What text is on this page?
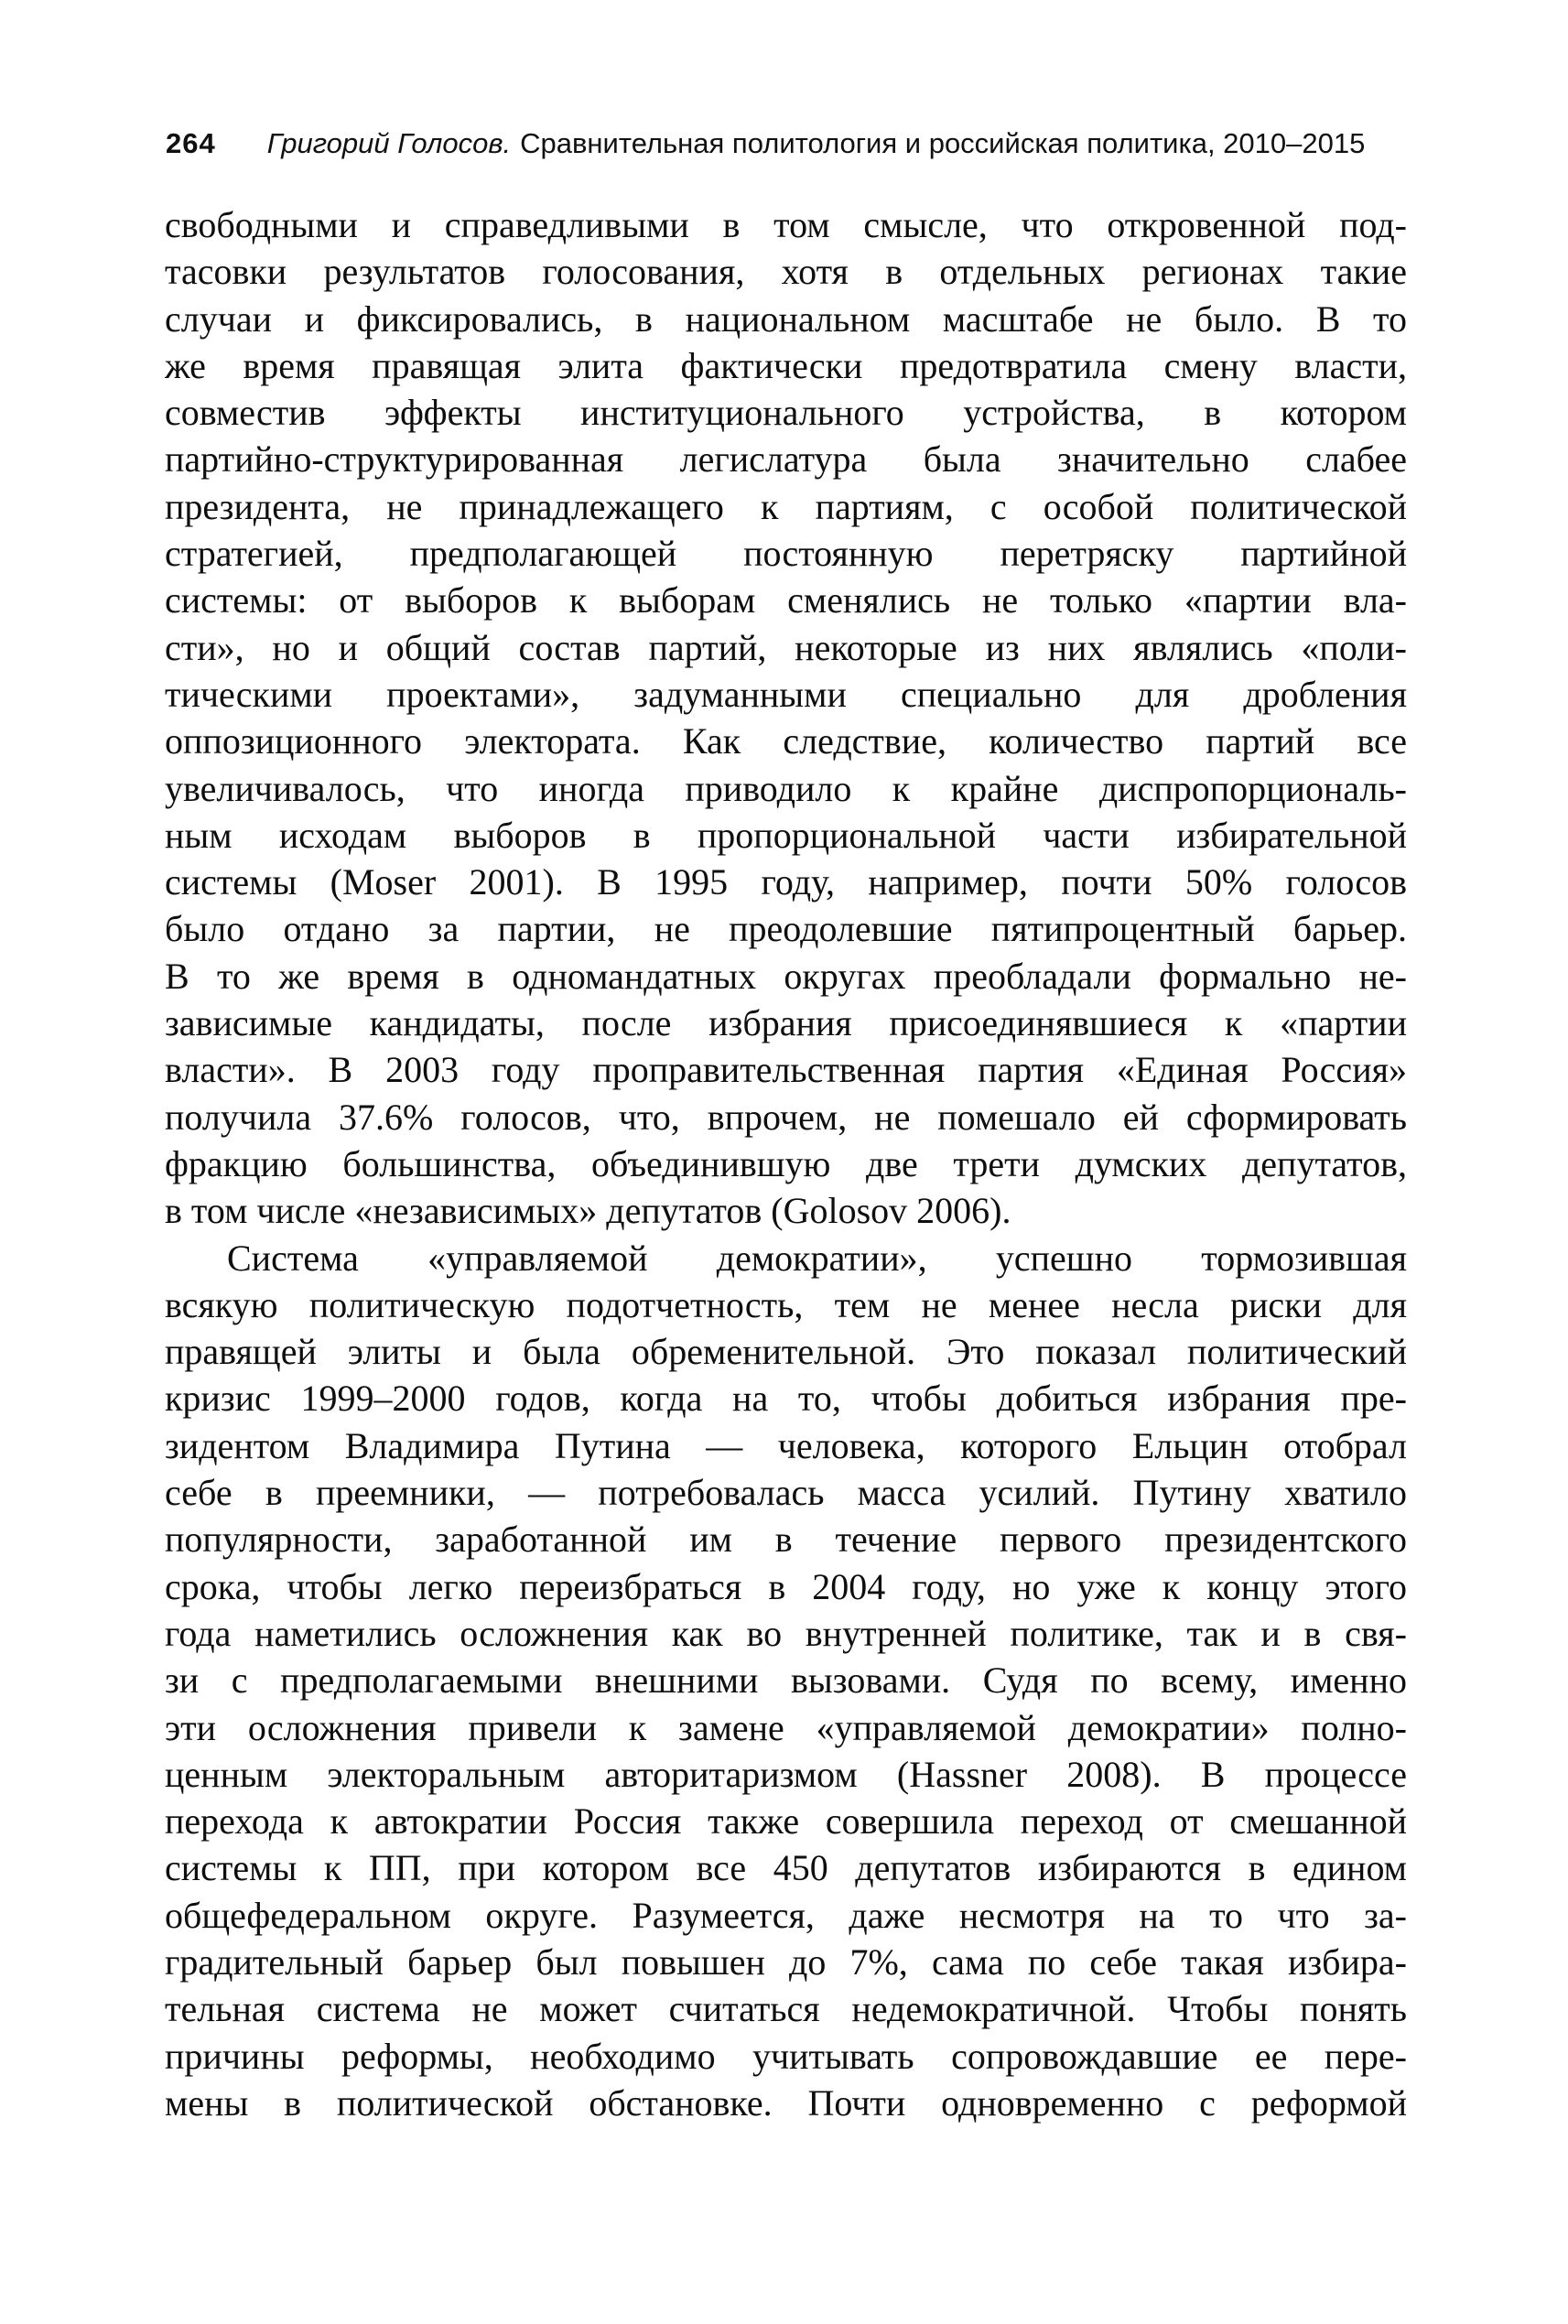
264 Григорий Голосов. Сравнительная политология и российская политика, 2010–2015
свободными и справедливыми в том смысле, что откровенной под-
тасовки результатов голосования, хотя в отдельных регионах такие
случаи и фиксировались, в национальном масштабе не было. В то
же время правящая элита фактически предотвратила смену власти,
совместив эффекты институционального устройства, в котором
партийно-структурированная легислатура была значительно слабее
президента, не принадлежащего к партиям, с особой политической
стратегией, предполагающей постоянную перетряску партийной
системы: от выборов к выборам сменялись не только «партии вла-
сти», но и общий состав партий, некоторые из них являлись «поли-
тическими проектами», задуманными специально для дробления
оппозиционного электората. Как следствие, количество партий все
увеличивалось, что иногда приводило к крайне диспропорциональ-
ным исходам выборов в пропорциональной части избирательной
системы (Moser 2001). В 1995 году, например, почти 50% голосов
было отдано за партии, не преодолевшие пятипроцентный барьер.
В то же время в одномандатных округах преобладали формально не-
зависимые кандидаты, после избрания присоединявшиеся к «партии
власти». В 2003 году проправительственная партия «Единая Россия»
получила 37.6% голосов, что, впрочем, не помешало ей сформировать
фракцию большинства, объединившую две трети думских депутатов,
в том числе «независимых» депутатов (Golosov 2006).
Система «управляемой демократии», успешно тормозившая
всякую политическую подотчетность, тем не менее несла риски для
правящей элиты и была обременительной. Это показал политический
кризис 1999–2000 годов, когда на то, чтобы добиться избрания пре-
зидентом Владимира Путина — человека, которого Ельцин отобрал
себе в преемники, — потребовалась масса усилий. Путину хватило
популярности, заработанной им в течение первого президентского
срока, чтобы легко переизбраться в 2004 году, но уже к концу этого
года наметились осложнения как во внутренней политике, так и в свя-
зи с предполагаемыми внешними вызовами. Судя по всему, именно
эти осложнения привели к замене «управляемой демократии» полно-
ценным электоральным авторитаризмом (Hassner 2008). В процессе
перехода к автократии Россия также совершила переход от смешанной
системы к ПП, при котором все 450 депутатов избираются в едином
общефедеральном округе. Разумеется, даже несмотря на то что за-
градительный барьер был повышен до 7%, сама по себе такая избира-
тельная система не может считаться недемократичной. Чтобы понять
причины реформы, необходимо учитывать сопровождавшие ее пере-
мены в политической обстановке. Почти одновременно с реформой
